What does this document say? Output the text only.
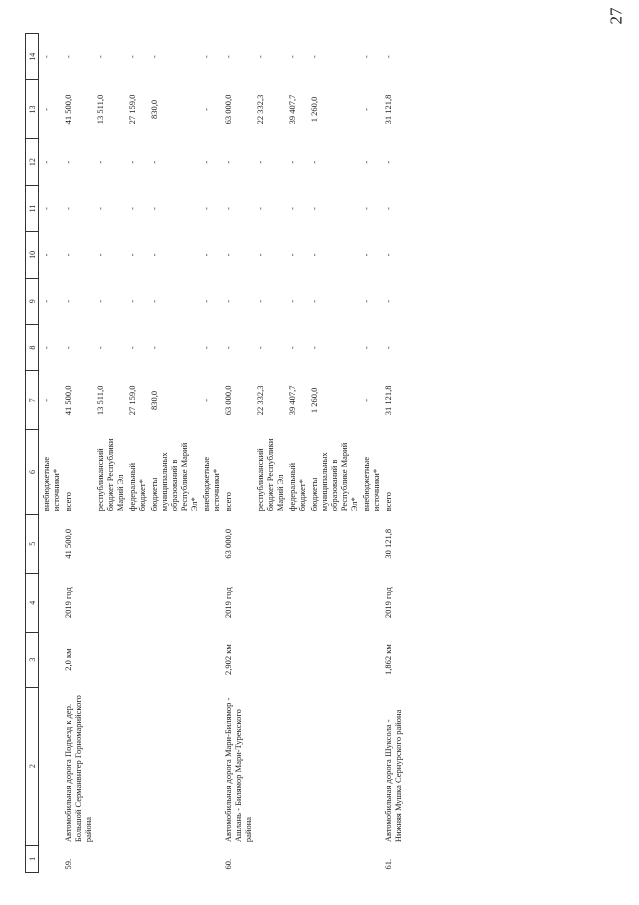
27
1	2	3	4	5	6	7	8	9	10	11	12	13	14
					внебюджетные источники*	-	-	-	-	-	-	-	-
59.	Автомобильная дорога Подъезд к дер. Большой Серманвнгер Горномарийского района	2,0 км	2019 год	41 500,0	всего	41 500,0	-	-	-	-	-	41 500,0	-
					республиканский бюджет Республики Марий Эл	13 511,0	-	-	-	-	-	13 511,0	-
					федеральный бюджет*	27 159,0	-	-	-	-	-	27 159,0	-
					бюджеты муниципальных образований в Республике Марий Эл*	830,0	-	-	-	-	-	830,0	-
					внебюджетные источники*	-	-	-	-	-	-	-	-
60.	Автомобильная дорога Мари-Билямор - Ашлань - Билямор Мари-Турекского района	2,902 км	2019 год	63 000,0	всего	63 000,0	-	-	-	-	-	63 000,0	-
					республиканский бюджет Республики Марий Эл	22 332,3	-	-	-	-	-	22 332,3	-
					федеральный бюджет*	39 407,7	-	-	-	-	-	39 407,7	-
					бюджеты муниципальных образований в Республике Марий Эл*	1 260,0	-	-	-	-	-	1 260,0	-
					внебюджетные источники*	-	-	-	-	-	-	-	-
61.	Автомобильная дорога Шуксола - Нижняя Мушка Сернурского района	1,862 км	2019 год	30 121,8	всего	31 121,8	-	-	-	-	-	31 121,8	-
